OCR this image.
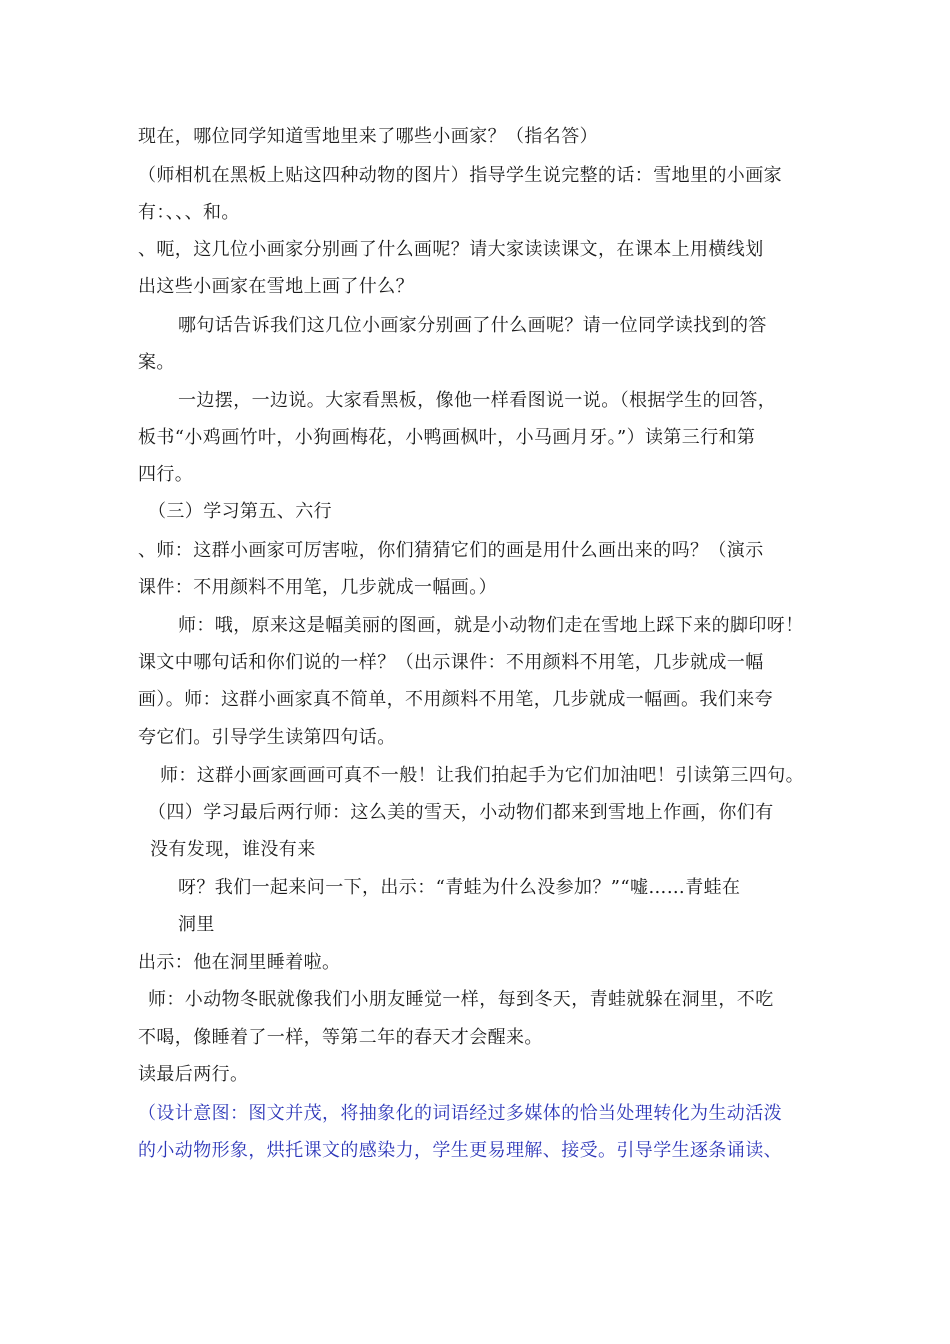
现在，哪位同学知道雪地里来了哪些小画家？（指名答）
（师相机在黑板上贴这四种动物的图片）指导学生说完整的话：雪地里的小画家
有：、、、和。
、呃，这几位小画家分别画了什么画呢？请大家读读课文，在课本上用横线划
出这些小画家在雪地上画了什么？
哪句话告诉我们这几位小画家分别画了什么画呢？请一位同学读找到的答
案。
一边摆，一边说。大家看黑板，像他一样看图说一说。（根据学生的回答，
板书“小鸡画竹叶，小狗画梅花，小鸭画枫叶，小马画月牙。”）读第三行和第
四行。
（三）学习第五、六行
、师：这群小画家可厉害啦，你们猜猜它们的画是用什么画出来的吗？（演示
课件：不用颜料不用笔，几步就成一幅画。）
师：哦，原来这是幅美丽的图画，就是小动物们走在雪地上踩下来的脚印呀！
课文中哪句话和你们说的一样？（出示课件：不用颜料不用笔，几步就成一幅
画）。师：这群小画家真不简单，不用颜料不用笔，几步就成一幅画。我们来夸
夸它们。引导学生读第四句话。
师：这群小画家画画可真不一般！让我们拍起手为它们加油吧！引读第三四句。
（四）学习最后两行师：这么美的雪天，小动物们都来到雪地上作画，你们有
没有发现，谁没有来
呀？我们一起来问一下，出示：“青蛙为什么没参加？”“嘘……青蛙在
洞里
出示：他在洞里睡着啦。
师：小动物冬眠就像我们小朋友睡觉一样，每到冬天，青蛙就躲在洞里，不吃
不喝，像睡着了一样，等第二年的春天才会醒来。
读最后两行。
（设计意图：图文并茂，将抽象化的词语经过多媒体的恰当处理转化为生动活泼
的小动物形象，烘托课文的感染力，学生更易理解、接受。引导学生逐条诵读、
